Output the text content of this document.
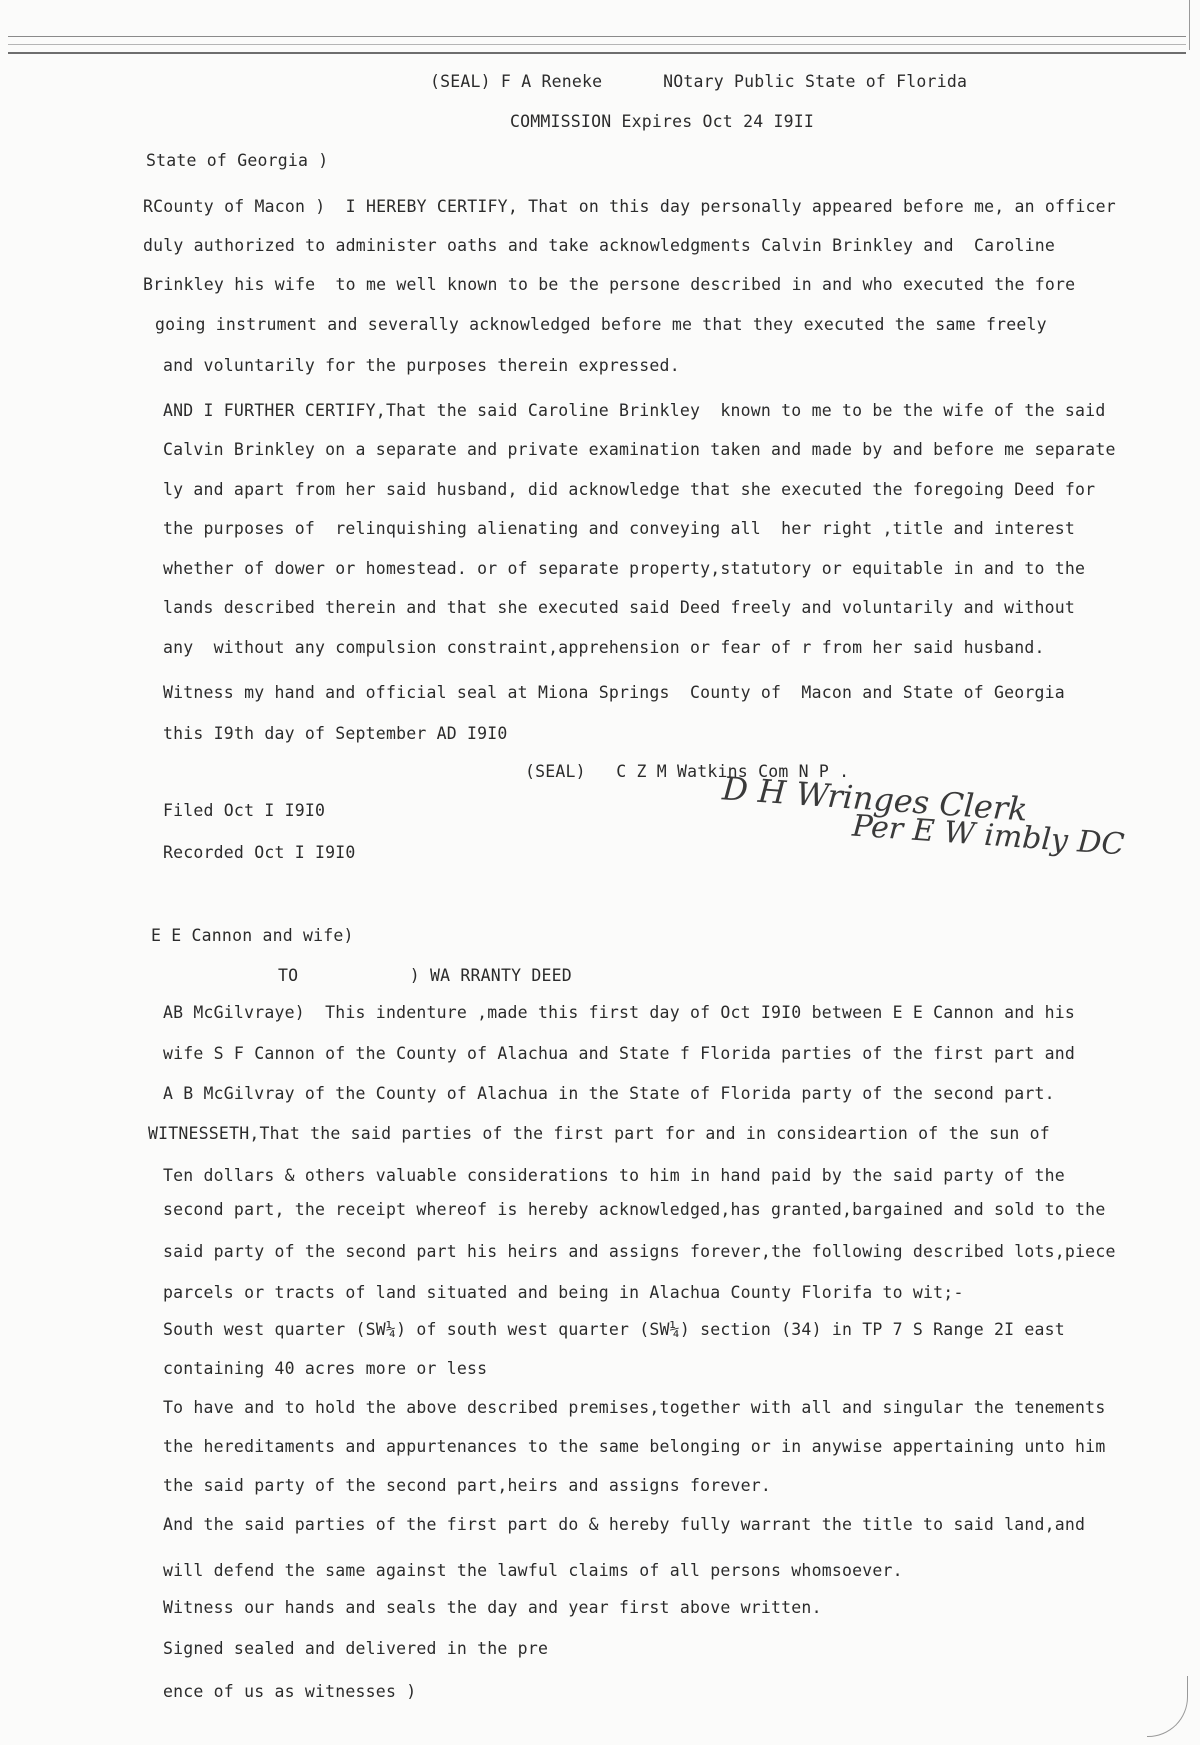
(SEAL) F A Reneke      NOtary Public State of Florida
COMMISSION Expires Oct 24 I9II
State of Georgia )
RCounty of Macon )  I HEREBY CERTIFY, That on this day personally appeared before me, an officer
duly authorized to administer oaths and take acknowledgments Calvin Brinkley and  Caroline
Brinkley his wife  to me well known to be the persone described in and who executed the fore
going instrument and severally acknowledged before me that they executed the same freely
and voluntarily for the purposes therein expressed.
AND I FURTHER CERTIFY,That the said Caroline Brinkley  known to me to be the wife of the said
Calvin Brinkley on a separate and private examination taken and made by and before me separate
ly and apart from her said husband, did acknowledge that she executed the foregoing Deed for
the purposes of  relinquishing alienating and conveying all  her right ,title and interest
whether of dower or homestead. or of separate property,statutory or equitable in and to the
lands described therein and that she executed said Deed freely and voluntarily and without
any  without any compulsion constraint,apprehension or fear of r from her said husband.
Witness my hand and official seal at Miona Springs  County of  Macon and State of Georgia
this I9th day of September AD I9I0
(SEAL)   C Z M Watkins Com N P .
Filed Oct I I9I0
Recorded Oct I I9I0
D H Wringes Clerk
Per E W imbly DC
E E Cannon and wife)
TO           ) WA RRANTY DEED
AB McGilvraye)  This indenture ,made this first day of Oct I9I0 between E E Cannon and his
wife S F Cannon of the County of Alachua and State f Florida parties of the first part and
A B McGilvray of the County of Alachua in the State of Florida party of the second part.
WITNESSETH,That the said parties of the first part for and in consideartion of the sun of
Ten dollars & others valuable considerations to him in hand paid by the said party of the
second part, the receipt whereof is hereby acknowledged,has granted,bargained and sold to the
said party of the second part his heirs and assigns forever,the following described lots,piece
parcels or tracts of land situated and being in Alachua County Florifa to wit;-
South west quarter (SW¼) of south west quarter (SW¼) section (34) in TP 7 S Range 2I east
containing 40 acres more or less
To have and to hold the above described premises,together with all and singular the tenements
the hereditaments and appurtenances to the same belonging or in anywise appertaining unto him
the said party of the second part,heirs and assigns forever.
And the said parties of the first part do & hereby fully warrant the title to said land,and
will defend the same against the lawful claims of all persons whomsoever.
Witness our hands and seals the day and year first above written.
Signed sealed and delivered in the pre
ence of us as witnesses )
